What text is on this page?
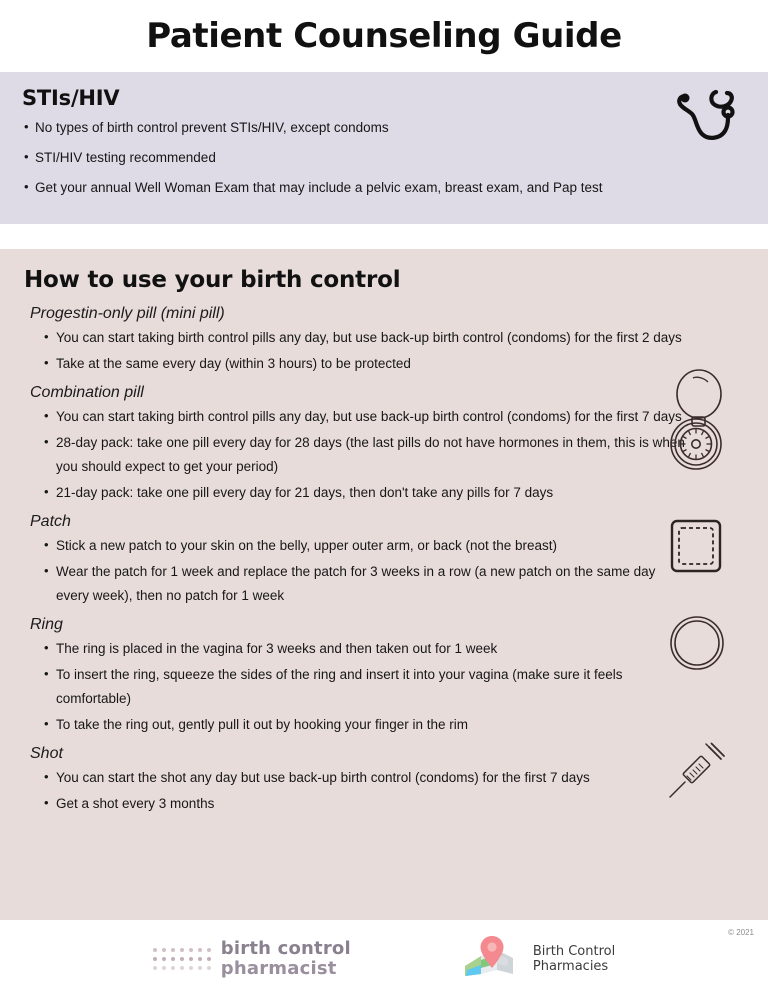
Patient Counseling Guide
STIs/HIV
• No types of birth control prevent STIs/HIV, except condoms
• STI/HIV testing recommended
• Get your annual Well Woman Exam that may include a pelvic exam, breast exam, and Pap test
How to use your birth control
Progestin-only pill (mini pill)
• You can start taking birth control pills any day, but use back-up birth control (condoms) for the first 2 days
• Take at the same every day (within 3 hours) to be protected
Combination pill
• You can start taking birth control pills any day, but use back-up birth control (condoms) for the first 7 days
• 28-day pack: take one pill every day for 28 days (the last pills do not have hormones in them, this is when you should expect to get your period)
• 21-day pack: take one pill every day for 21 days, then don't take any pills for 7 days
Patch
• Stick a new patch to your skin on the belly, upper outer arm, or back (not the breast)
• Wear the patch for 1 week and replace the patch for 3 weeks in a row (a new patch on the same day every week), then no patch for 1 week
Ring
• The ring is placed in the vagina for 3 weeks and then taken out for 1 week
• To insert the ring, squeeze the sides of the ring and insert it into your vagina (make sure it feels comfortable)
• To take the ring out, gently pull it out by hooking your finger in the rim
Shot
• You can start the shot any day but use back-up birth control (condoms) for the first 7 days
• Get a shot every 3 months
© 2021
birth control
pharmacist
Birth Control
Pharmacies
